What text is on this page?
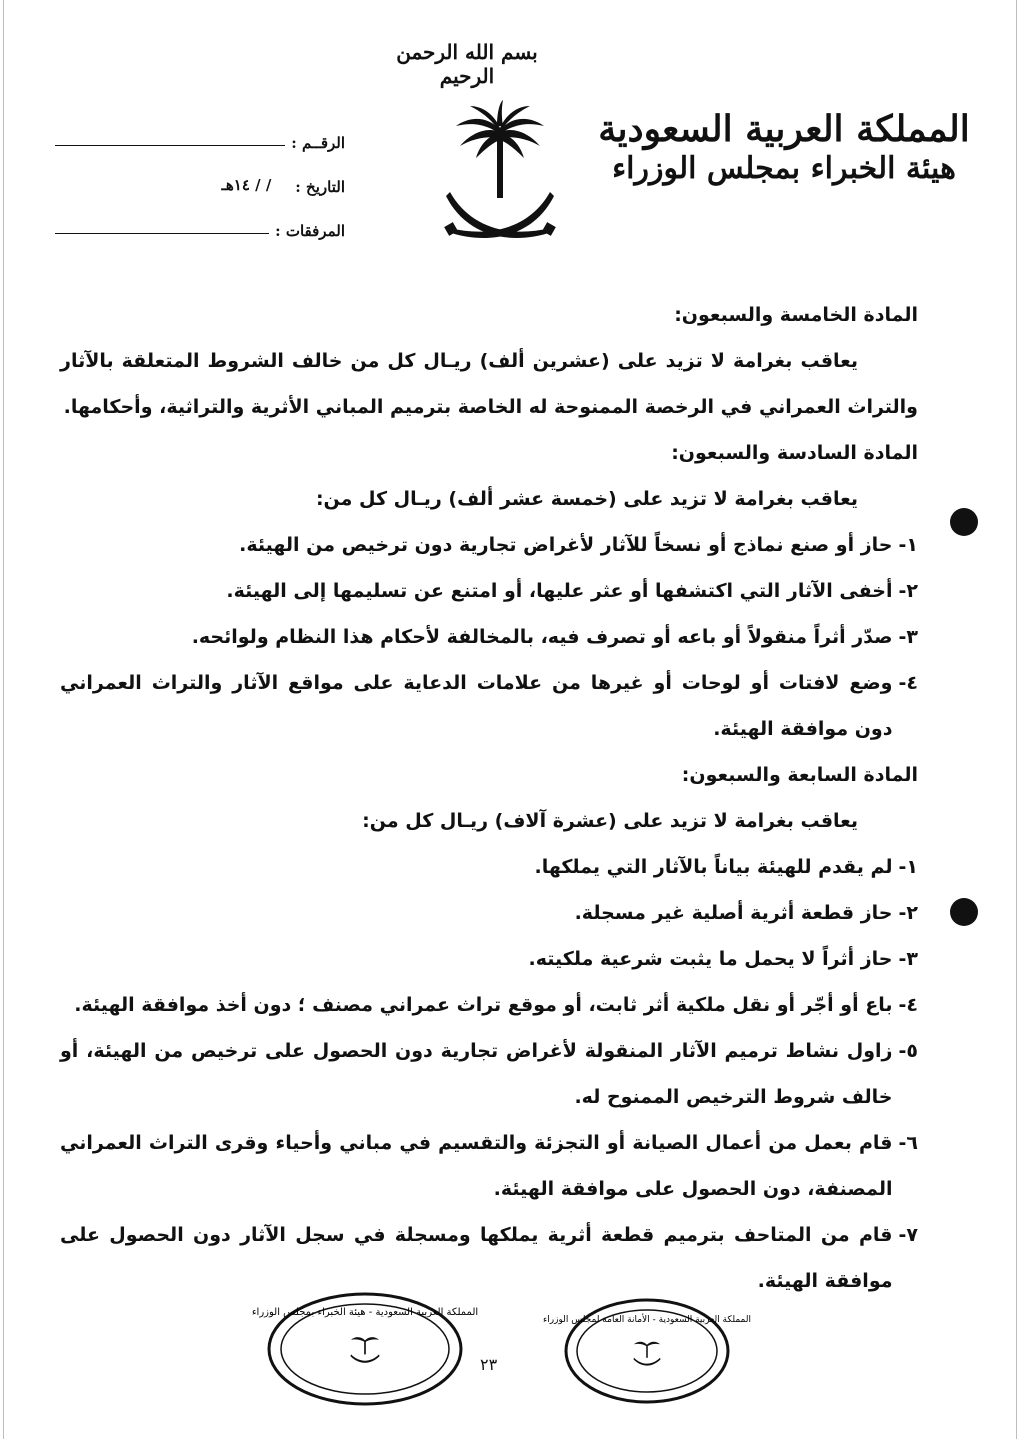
بسم الله الرحمن الرحيم
المملكة العربية السعودية
هيئة الخبراء بمجلس الوزراء
الرقــم :
التاريخ :
/ / ١٤هـ
المرفقات :
المادة الخامسة والسبعون:
يعاقب بغرامة لا تزيد على (عشرين ألف) ريـال كل من خالف الشروط المتعلقة بالآثار والتراث العمراني في الرخصة الممنوحة له الخاصة بترميم المباني الأثرية والتراثية، وأحكامها.
المادة السادسة والسبعون:
يعاقب بغرامة لا تزيد على (خمسة عشر ألف) ريـال كل من:
١-
حاز أو صنع نماذج أو نسخاً للآثار لأغراض تجارية دون ترخيص من الهيئة.
٢-
أخفى الآثار التي اكتشفها أو عثر عليها، أو امتنع عن تسليمها إلى الهيئة.
٣-
صدّر أثراً منقولاً أو باعه أو تصرف فيه، بالمخالفة لأحكام هذا النظام ولوائحه.
٤-
وضع لافتات أو لوحات أو غيرها من علامات الدعاية على مواقع الآثار والتراث العمراني دون موافقة الهيئة.
المادة السابعة والسبعون:
يعاقب بغرامة لا تزيد على (عشرة آلاف) ريـال كل من:
١-
لم يقدم للهيئة بياناً بالآثار التي يملكها.
٢-
حاز قطعة أثرية أصلية غير مسجلة.
٣-
حاز أثراً لا يحمل ما يثبت شرعية ملكيته.
٤-
باع أو أجّر أو نقل ملكية أثر ثابت، أو موقع تراث عمراني مصنف ؛ دون أخذ موافقة الهيئة.
٥-
زاول نشاط ترميم الآثار المنقولة لأغراض تجارية دون الحصول على ترخيص من الهيئة، أو خالف شروط الترخيص الممنوح له.
٦-
قام بعمل من أعمال الصيانة أو التجزئة والتقسيم في مباني وأحياء وقرى التراث العمراني المصنفة، دون الحصول على موافقة الهيئة.
٧-
قام من المتاحف بترميم قطعة أثرية يملكها ومسجلة في سجل الآثار دون الحصول على موافقة الهيئة.
المملكة العربية السعودية - هيئة الخبراء بمجلس الوزراء
المملكة العربية السعودية - الأمانة العامة لمجلس الوزراء
٢٣
